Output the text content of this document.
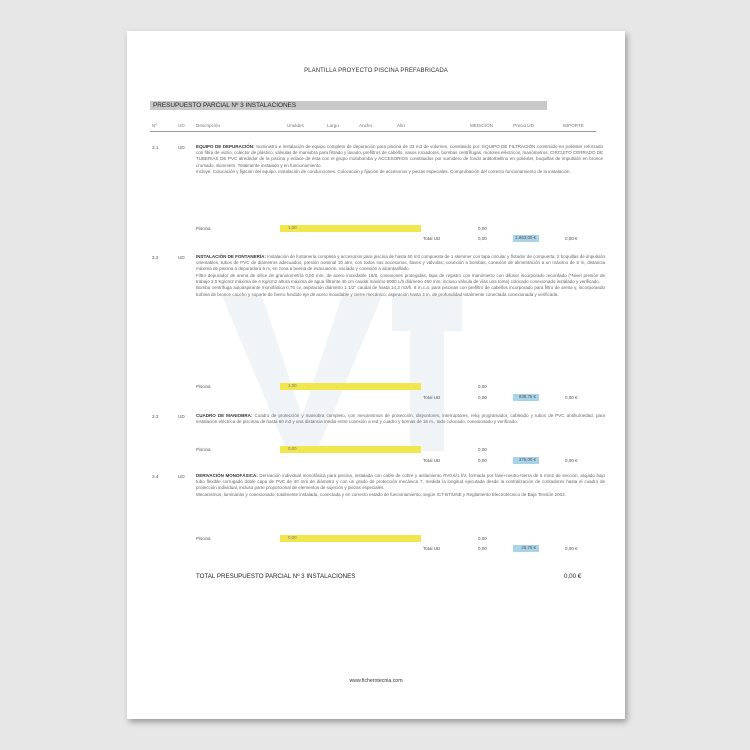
PLANTILLA PROYECTO PISCINA PREFABRICADA
PRESUPUESTO PARCIAL Nº 3 INSTALACIONES
Nº	UD Descripción	Uniddes	Largo	Ancho	Alto	MEDICIÓN	Precio UD	IMPORTE
3.1	UD	EQUIPO DE DEPURACIÓN: Suministro e instalación de equipo completo de depuración para piscina de 33 m3 de volumen, constituido por: EQUIPO DE FILTRACIÓN construido en poliéster reforzado con fibra de vidrio, colector de plástico, válvulas de maniobra para filtrado y lavado, prefiltros de cabello, vasos rociadores, bombas centrífugas, motores eléctricos, manómetros; CIRCUITO CERRADO DE TUBERÍAS DE PVC alrededor de la piscina y enlace de ésta con el grupo motobomba y ACCESORIOS constituidos por sumidero de fondo antitorbellino en poliéster, boquillas de impulsión en bronce cromado, skimmers. Totalmente instalado y en funcionamiento.
Incluye: Colocación y fijación del equipo. Instalación de conducciones. Colocación y fijación de accesorios y piezas especiales. Comprobación del correcto funcionamiento de la instalación.
Piscina	1,00	0,00
Total UD	0,00	1.863,00 €	0,00 €
3.2	UD	INSTALACIÓN DE FONTANERÍA: Instalación de fontanería completa y accesorios para piscina de hasta 60 m3 compuesta de 1 skimmer con tapa circular y flotador de compuerta, 2 boquillas de impulsión orientables, tubos de PVC de diámetros adecuados, presión nominal 10 atm, con todos sus accesorios, llaves y válvulas; conexión a bombas, conexión de alimentación a un máximo de 5 m, distancia máxima de piscina a depuradora 5 m, en zona a buena de evacuación, vaciado y conexión a alcantarillado.
Filtro depurador de arena de sílice de granulometría 0,50 mm, de acero inoxidable 18/8, conexiones protegidas, tapa de registro con manómetro con difusor incorporado recordado (*Nivel presión de trabajo 2,5 Kg/cm2 máxima de 4 Kg/cm2 altura máxima de agua filtrante 45 cm caudal máximo 6000 L/h diámetro 450 mm, incluso válvula de vías una toma) colocado conexionado instalado y verificado.
Bomba centrífuga autoaspirante monofásica 0,70 cv, aspiración diámetro 1 1/2" caudal de hasta 14,3 m3/h, 6 m.c.a, para piscinas con prefiltro de cabellos incorporado para filtro de arena y, incorporando turbina de bronce caucho y soporte de hierro fundido eje de acero inoxidable y cierre mecánico, aspiración hasta 3 m. de profundidad totalmente conectada conexionada y verificada.
Piscina	1,00	0,00
Total UD	0,00	838,75 €	0,00 €
3.3	UD	CUADRO DE MANIOBRA: Cuadro de protección y maniobra completo, con mecanismos de protección, disyuntores, interruptores, reloj programador, cableado y tubos de PVC antihumedad, para instalación eléctrica de piscinas de hasta 60 m3 y una distancia media entre conexión a red y cuadro y bornas de 15 m., todo colocado, conexionado y verificado.
Piscina	0,00	0,00
Total UD	0,00	375,00 €	0,00 €
3.4	UD	DERIVACIÓN MONOFÁSICA: Derivación individual monofásica para piscina, instalada con cable de cobre y aislamiento RV0,6/1 kV, formada por fase+neutro+tierra de 6 mm2 de sección, alojado bajo tubo flexible corrugado doble capa de PVC de 40 mm de diámetro y con un grado de protección mecánica 7, medida la longitud ejecutada desde la centralización de contadores hasta el cuadro de protección individual, incluso parte proporcional de elementos de sujeción y piezas especiales.
Mecanismos, luminarias y conexionado; totalmente instalada, conectada y en correcto estado de funcionamiento, según ICT-BT/UNE y Reglamento Electrotécnico de Baja Tensión 2002.
Piscina	0,00	0,00
Total UD	0,00	26,75 €	0,00 €
TOTAL PRESUPUESTO PARCIAL Nº 3 INSTALACIONES	0,00 €
www.ficherotecnia.com
